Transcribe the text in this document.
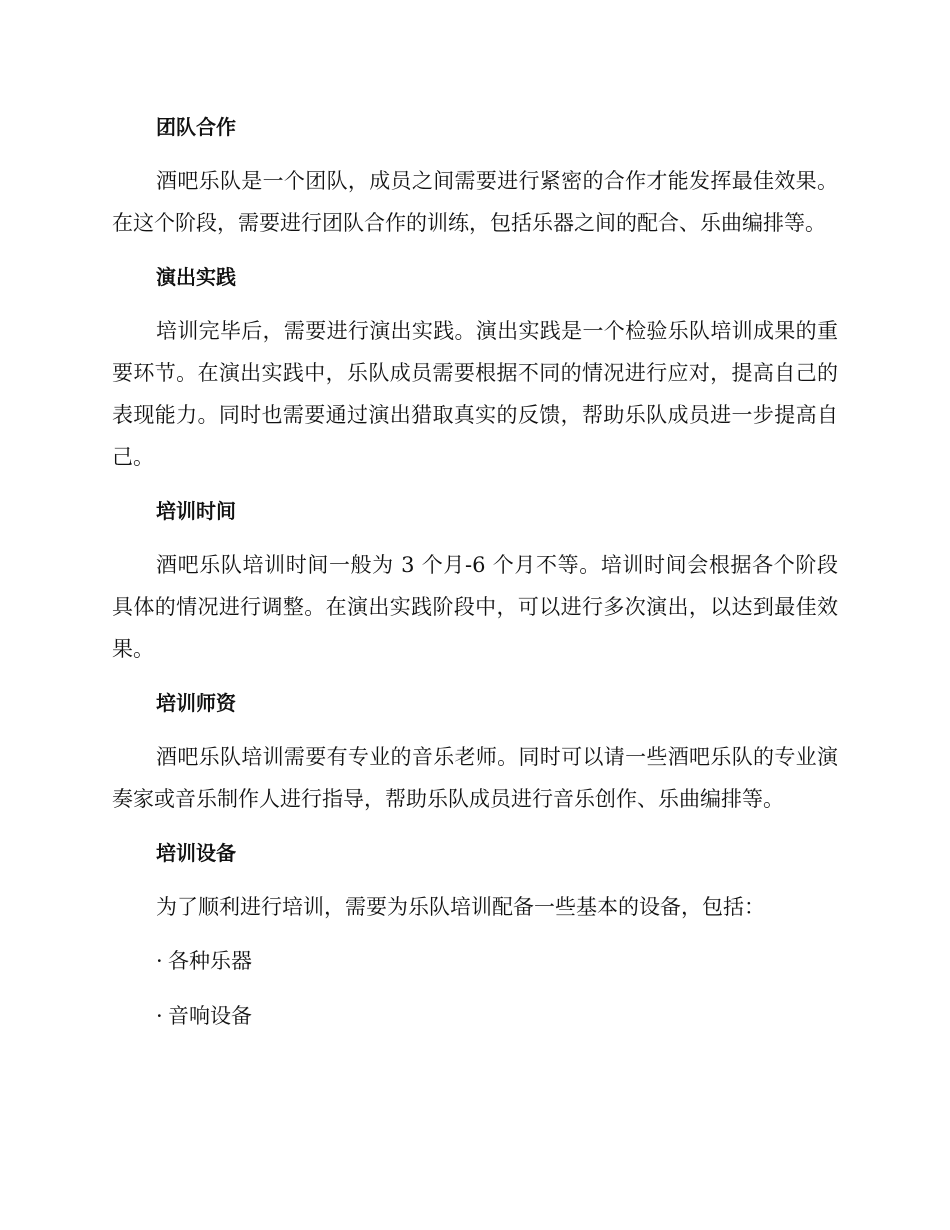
团队合作

酒吧乐队是一个团队，成员之间需要进行紧密的合作才能发挥最佳效果。在这个阶段，需要进行团队合作的训练，包括乐器之间的配合、乐曲编排等。

演出实践

培训完毕后，需要进行演出实践。演出实践是一个检验乐队培训成果的重要环节。在演出实践中，乐队成员需要根据不同的情况进行应对，提高自己的表现能力。同时也需要通过演出猎取真实的反馈，帮助乐队成员进一步提高自己。

培训时间

酒吧乐队培训时间一般为 3 个月-6 个月不等。培训时间会根据各个阶段具体的情况进行调整。在演出实践阶段中，可以进行多次演出，以达到最佳效果。

培训师资

酒吧乐队培训需要有专业的音乐老师。同时可以请一些酒吧乐队的专业演奏家或音乐制作人进行指导，帮助乐队成员进行音乐创作、乐曲编排等。

培训设备

为了顺利进行培训，需要为乐队培训配备一些基本的设备，包括：

· 各种乐器
· 音响设备
